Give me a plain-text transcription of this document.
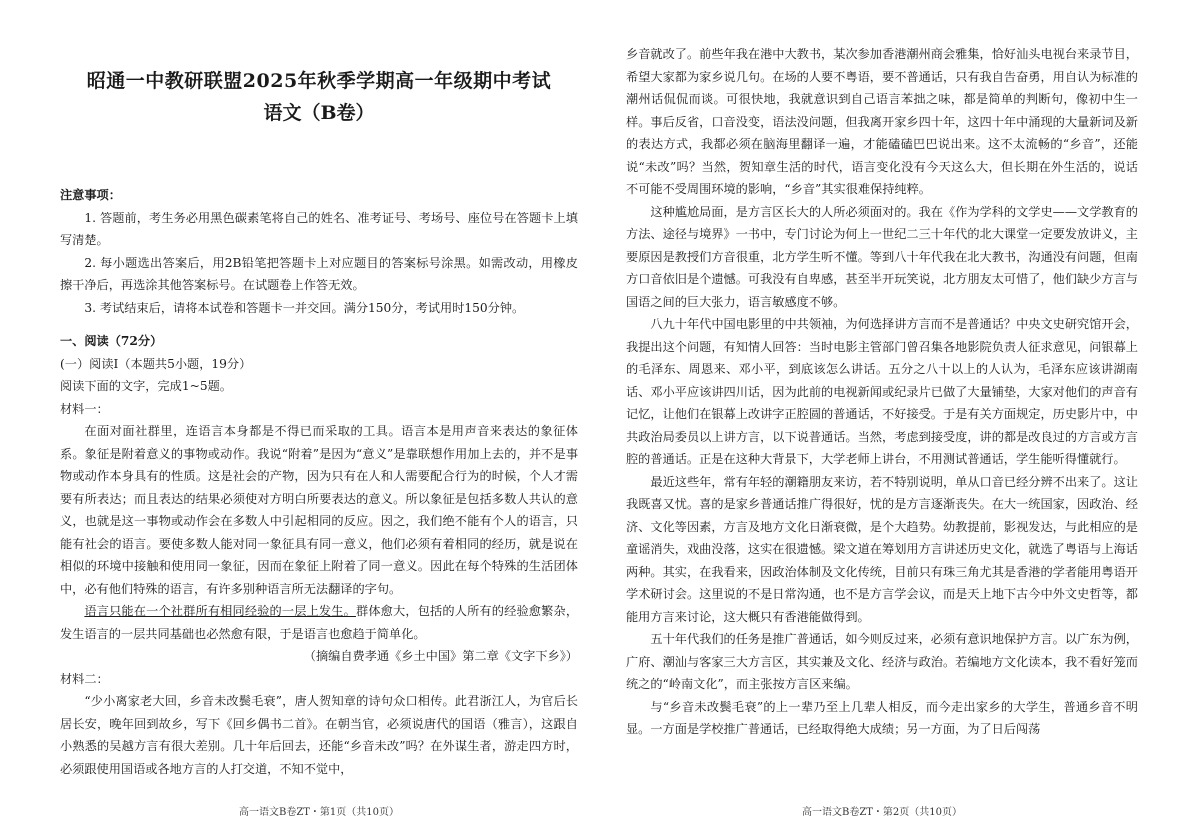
昭通一中教研联盟2025年秋季学期高一年级期中考试
语文（B卷）
注意事项：

1. 答题前，考生务必用黑色碳素笔将自己的姓名、准考证号、考场号、座位号在答题卡上填写清楚。

2. 每小题选出答案后，用2B铅笔把答题卡上对应题目的答案标号涂黑。如需改动，用橡皮擦干净后，再选涂其他答案标号。在试题卷上作答无效。

3. 考试结束后，请将本试卷和答题卡一并交回。满分150分，考试用时150分钟。

一、阅读（72分）

(一）阅读Ⅰ（本题共5小题，19分）

阅读下面的文字，完成1~5题。

材料一：

在面对面社群里，连语言本身都是不得已而采取的工具。语言本是用声音来表达的象征体系。象征是附着意义的事物或动作。我说“附着”是因为“意义”是靠联想作用加上去的，并不是事物或动作本身具有的性质。这是社会的产物，因为只有在人和人需要配合行为的时候，个人才需要有所表达；而且表达的结果必须使对方明白所要表达的意义。所以象征是包括多数人共认的意义，也就是这一事物或动作会在多数人中引起相同的反应。因之，我们绝不能有个人的语言，只能有社会的语言。要使多数人能对同一象征具有同一意义，他们必须有着相同的经历，就是说在相似的环境中接触和使用同一象征，因而在象征上附着了同一意义。因此在每个特殊的生活团体中，必有他们特殊的语言，有许多别种语言所无法翻译的字句。

语言只能在一个社群所有相同经验的一层上发生。群体愈大，包括的人所有的经验愈繁杂，发生语言的一层共同基础也必然愈有限，于是语言也愈趋于简单化。

（摘编自费孝通《乡土中国》第二章《文字下乡》）

材料二：

“少小离家老大回，乡音未改鬓毛衰”，唐人贺知章的诗句众口相传。此君浙江人，为官后长居长安，晚年回到故乡，写下《回乡偶书二首》。在朝当官，必须说唐代的国语（雅言），这跟自小熟悉的吴越方言有很大差别。几十年后回去，还能“乡音未改”吗？在外谋生者，游走四方时，必须跟使用国语或各地方言的人打交道，不知不觉中，

高一语文B卷ZT・第1页（共10页）

乡音就改了。前些年我在港中大教书，某次参加香港潮州商会雅集，恰好汕头电视台来录节目，希望大家都为家乡说几句。在场的人要不粤语，要不普通话，只有我自告奋勇，用自认为标准的潮州话侃侃而谈。可很快地，我就意识到自己语言苯拙之味，都是简单的判断句，像初中生一样。事后反省，口音没变，语法没问题，但我离开家乡四十年，这四十年中涌现的大量新词及新的表达方式，我都必须在脑海里翻译一遍，才能磕磕巴巴说出来。这不太流畅的“乡音”，还能说“未改”吗？当然，贺知章生活的时代，语言变化没有今天这么大，但长期在外生活的，说话不可能不受周围环境的影响，“乡音”其实很难保持纯粹。

这种尴尬局面，是方言区长大的人所必须面对的。我在《作为学科的文学史——文学教育的方法、途径与境界》一书中，专门讨论为何上一世纪二三十年代的北大课堂一定要发放讲义，主要原因是教授们方音很重，北方学生听不懂。等到八十年代我在北大教书，沟通没有问题，但南方口音依旧是个遗憾。可我没有自卑感，甚至半开玩笑说，北方朋友太可惜了，他们缺少方言与国语之间的巨大张力，语言敏感度不够。

八九十年代中国电影里的中共领袖，为何选择讲方言而不是普通话？中央文史研究馆开会，我提出这个问题，有知情人回答：当时电影主管部门曾召集各地影院负责人征求意见，问银幕上的毛泽东、周恩来、邓小平，到底该怎么讲话。五分之八十以上的人认为，毛泽东应该讲湖南话、邓小平应该讲四川话，因为此前的电视新闻或纪录片已做了大量铺垫，大家对他们的声音有记忆，让他们在银幕上改讲字正腔圆的普通话，不好接受。于是有关方面规定，历史影片中，中共政治局委员以上讲方言，以下说普通话。当然，考虑到接受度，讲的都是改良过的方言或方言腔的普通话。正是在这种大背景下，大学老师上讲台，不用测试普通话，学生能听得懂就行。

最近这些年，常有年轻的潮籍朋友来访，若不特别说明，单从口音已经分辨不出来了。这让我既喜又忧。喜的是家乡普通话推广得很好，忧的是方言逐渐丧失。在大一统国家，因政治、经济、文化等因素，方言及地方文化日渐衰微，是个大趋势。幼教提前，影视发达，与此相应的是童谣消失，戏曲没落，这实在很遗憾。梁文道在筹划用方言讲述历史文化，就选了粤语与上海话两种。其实，在我看来，因政治体制及文化传统，目前只有珠三角尤其是香港的学者能用粤语开学术研讨会。这里说的不是日常沟通，也不是方言学会议，而是天上地下古今中外文史哲等，都能用方言来讨论，这大概只有香港能做得到。

五十年代我们的任务是推广普通话，如今则反过来，必须有意识地保护方言。以广东为例，广府、潮汕与客家三大方言区，其实兼及文化、经济与政治。若编地方文化读本，我不看好笼而统之的“岭南文化”，而主张按方言区来编。

与“乡音未改鬓毛衰”的上一辈乃至上几辈人相反，而今走出家乡的大学生，普通乡音不明显。一方面是学校推广普通话，已经取得绝大成绩；另一方面，为了日后闯荡

高一语文B卷ZT・第2页（共10页）
